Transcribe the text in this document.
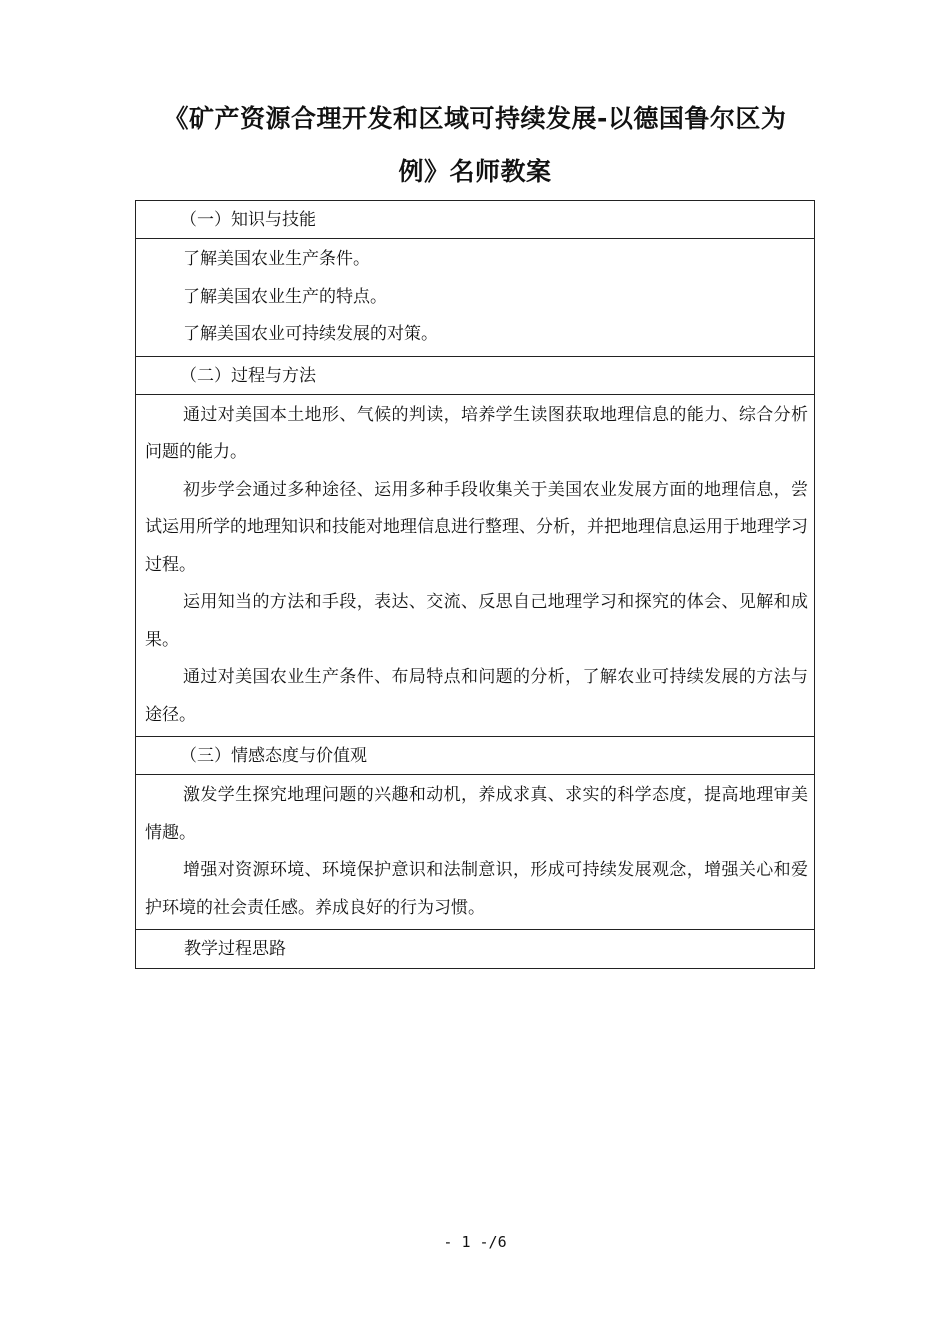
《矿产资源合理开发和区域可持续发展-以德国鲁尔区为
例》名师教案
（一）知识与技能

了解美国农业生产条件。

了解美国农业生产的特点。

了解美国农业可持续发展的对策。

（二）过程与方法

通过对美国本土地形、气候的判读，培养学生读图获取地理信息的能力、综合分析问题的能力。

初步学会通过多种途径、运用多种手段收集关于美国农业发展方面的地理信息，尝试运用所学的地理知识和技能对地理信息进行整理、分析，并把地理信息运用于地理学习过程。

运用知当的方法和手段，表达、交流、反思自己地理学习和探究的体会、见解和成果。

通过对美国农业生产条件、布局特点和问题的分析，了解农业可持续发展的方法与途径。

（三）情感态度与价值观

激发学生探究地理问题的兴趣和动机，养成求真、求实的科学态度，提高地理审美情趣。

增强对资源环境、环境保护意识和法制意识，形成可持续发展观念，增强关心和爱护环境的社会责任感。养成良好的行为习惯。

教学过程思路
- 1 -/6
